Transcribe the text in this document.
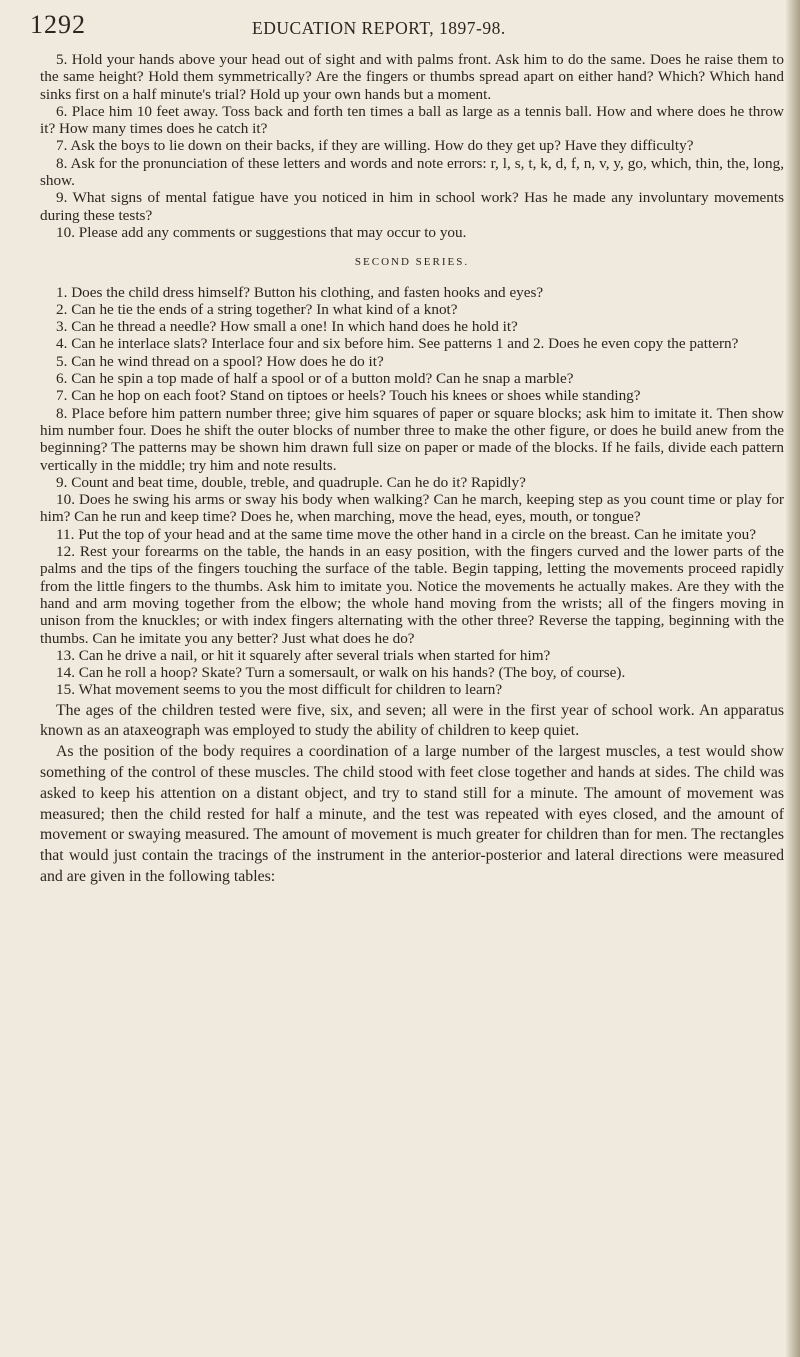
1292	EDUCATION REPORT, 1897-98.

5. Hold your hands above your head out of sight and with palms front. Ask him to do the same. Does he raise them to the same height? Hold them symmetrically? Are the fingers or thumbs spread apart on either hand? Which? Which hand sinks first on a half minute's trial? Hold up your own hands but a moment.

6. Place him 10 feet away. Toss back and forth ten times a ball as large as a tennis ball. How and where does he throw it? How many times does he catch it?

7. Ask the boys to lie down on their backs, if they are willing. How do they get up? Have they difficulty?

8. Ask for the pronunciation of these letters and words and note errors: r, l, s, t, k, d, f, n, v, y, go, which, thin, the, long, show.

9. What signs of mental fatigue have you noticed in him in school work? Has he made any involuntary movements during these tests?

10. Please add any comments or suggestions that may occur to you.

SECOND SERIES.

1. Does the child dress himself? Button his clothing, and fasten hooks and eyes?

2. Can he tie the ends of a string together? In what kind of a knot?

3. Can he thread a needle? How small a one! In which hand does he hold it?

4. Can he interlace slats? Interlace four and six before him. See patterns 1 and 2. Does he even copy the pattern?

5. Can he wind thread on a spool? How does he do it?

6. Can he spin a top made of half a spool or of a button mold? Can he snap a marble?

7. Can he hop on each foot? Stand on tiptoes or heels? Touch his knees or shoes while standing?

8. Place before him pattern number three; give him squares of paper or square blocks; ask him to imitate it. Then show him number four. Does he shift the outer blocks of number three to make the other figure, or does he build anew from the beginning? The patterns may be shown him drawn full size on paper or made of the blocks. If he fails, divide each pattern vertically in the middle; try him and note results.

9. Count and beat time, double, treble, and quadruple. Can he do it? Rapidly?

10. Does he swing his arms or sway his body when walking? Can he march, keeping step as you count time or play for him? Can he run and keep time? Does he, when marching, move the head, eyes, mouth, or tongue?

11. Put the top of your head and at the same time move the other hand in a circle on the breast. Can he imitate you?

12. Rest your forearms on the table, the hands in an easy position, with the fingers curved and the lower parts of the palms and the tips of the fingers touching the surface of the table. Begin tapping, letting the movements proceed rapidly from the little fingers to the thumbs. Ask him to imitate you. Notice the movements he actually makes. Are they with the hand and arm moving together from the elbow; the whole hand moving from the wrists; all of the fingers moving in unison from the knuckles; or with index fingers alternating with the other three? Reverse the tapping, beginning with the thumbs. Can he imitate you any better? Just what does he do?

13. Can he drive a nail, or hit it squarely after several trials when started for him?

14. Can he roll a hoop? Skate? Turn a somersault, or walk on his hands? (The boy, of course).

15. What movement seems to you the most difficult for children to learn?

The ages of the children tested were five, six, and seven; all were in the first year of school work. An apparatus known as an ataxeograph was employed to study the ability of children to keep quiet.

As the position of the body requires a coordination of a large number of the largest muscles, a test would show something of the control of these muscles. The child stood with feet close together and hands at sides. The child was asked to keep his attention on a distant object, and try to stand still for a minute. The amount of movement was measured; then the child rested for half a minute, and the test was repeated with eyes closed, and the amount of movement or swaying measured. The amount of movement is much greater for children than for men. The rectangles that would just contain the tracings of the instrument in the anterior-posterior and lateral directions were measured and are given in the following tables:
